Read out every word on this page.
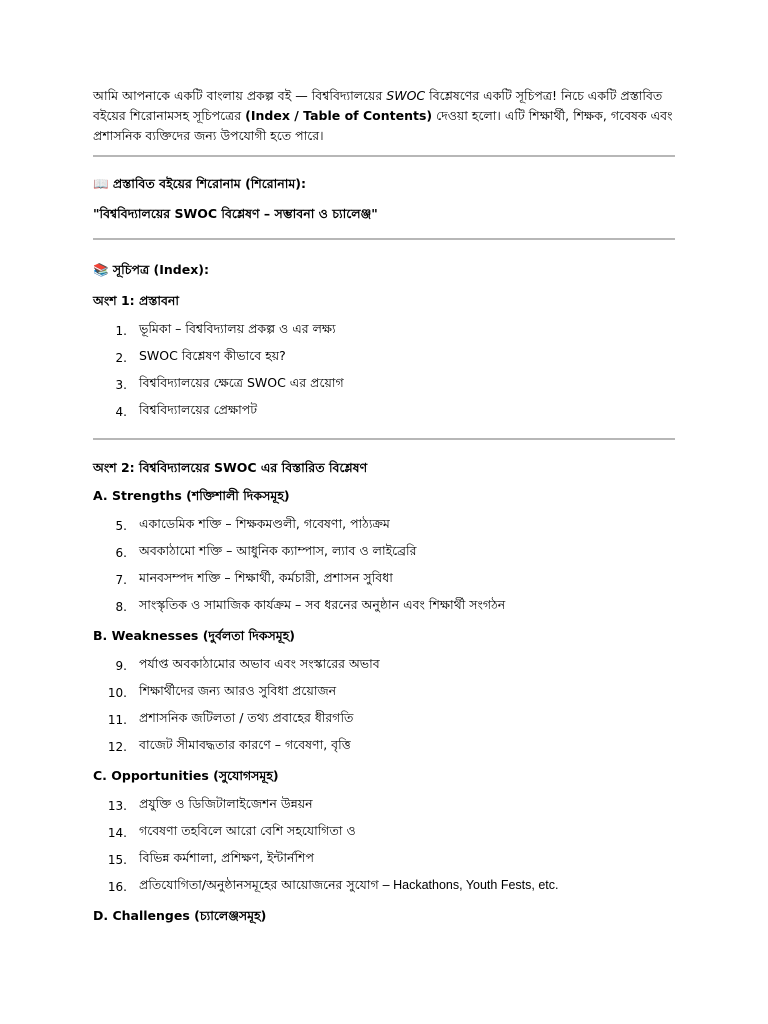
আমি আপনাকে একটি বাংলায় প্রকল্প বই — বিশ্ববিদ্যালয়ের SWOC বিশ্লেষণের একটি সূচিপত্র! নিচে একটি প্রস্তাবিত বইয়ের শিরোনামসহ সূচিপত্রের (Index / Table of Contents) দেওয়া হলো। এটি শিক্ষার্থী, শিক্ষক, গবেষক এবং প্রশাসনিক ব্যক্তিদের জন্য উপযোগী হতে পারে।

📖 প্রস্তাবিত বইয়ের শিরোনাম (শিরোনাম):

"বিশ্ববিদ্যালয়ের SWOC বিশ্লেষণ – সম্ভাবনা ও চ্যালেঞ্জ"

📚 সূচিপত্র (Index):

অংশ 1: প্রস্তাবনা

1. ভূমিকা – বিশ্ববিদ্যালয় প্রকল্প ও এর লক্ষ্য
2. SWOC বিশ্লেষণ কীভাবে হয়?
3. বিশ্ববিদ্যালয়ের ক্ষেত্রে SWOC এর প্রয়োগ
4. বিশ্ববিদ্যালয়ের প্রেক্ষাপট

অংশ 2: বিশ্ববিদ্যালয়ের SWOC এর বিস্তারিত বিশ্লেষণ

A. Strengths (শক্তিশালী দিকসমূহ)

5. একাডেমিক শক্তি – শিক্ষকমণ্ডলী, গবেষণা, পাঠ্যক্রম
6. অবকাঠামো শক্তি – আধুনিক ক্যাম্পাস, ল্যাব ও লাইব্রেরি
7. মানবসম্পদ শক্তি – শিক্ষার্থী, কর্মচারী, প্রশাসন সুবিধা
8. সাংস্কৃতিক ও সামাজিক কার্যক্রম – সব ধরনের অনুষ্ঠান এবং শিক্ষার্থী সংগঠন

B. Weaknesses (দুর্বলতা দিকসমূহ)

9. পর্যাপ্ত অবকাঠামোর অভাব এবং সংস্কারের অভাব
10. শিক্ষার্থীদের জন্য আরও সুবিধা প্রয়োজন
11. প্রশাসনিক জটিলতা / তথ্য প্রবাহের ধীরগতি
12. বাজেট সীমাবদ্ধতার কারণে – গবেষণা, বৃত্তি

C. Opportunities (সুযোগসমূহ)

13. প্রযুক্তি ও ডিজিটালাইজেশন উন্নয়ন
14. গবেষণা তহবিলে আরো বেশি সহযোগিতা ও
15. বিভিন্ন কর্মশালা, প্রশিক্ষণ, ইন্টার্নশিপ
16. প্রতিযোগিতা/অনুষ্ঠানসমূহের আয়োজনের সুযোগ – Hackathons, Youth Fests, etc.

D. Challenges (চ্যালেঞ্জসমূহ)
